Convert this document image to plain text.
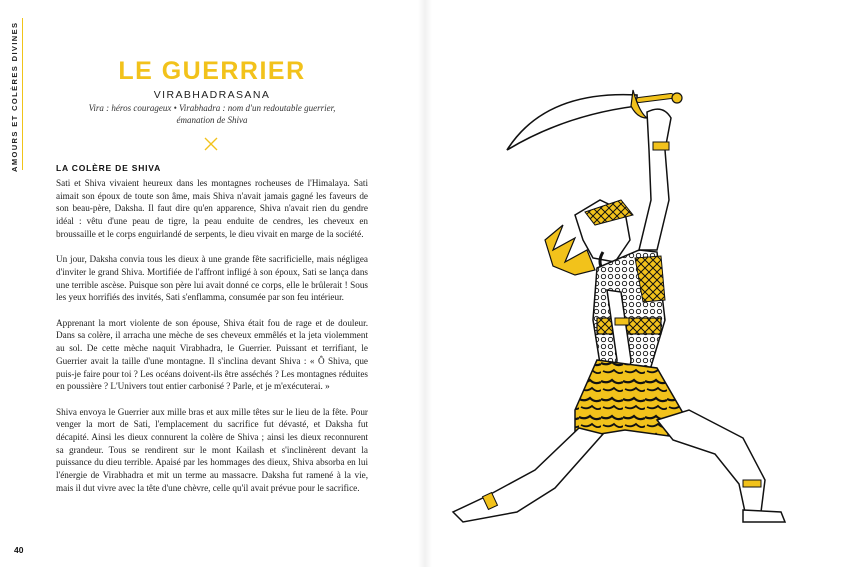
AMOURS ET COLÈRES DIVINES	LE GUERRIER
VIRABHADRASANA
Vira : héros courageux • Virabhadra : nom d'un redoutable guerrier, émanation de Shiva
LA COLÈRE DE SHIVA

Sati et Shiva vivaient heureux dans les montagnes rocheuses de l'Himalaya. Sati aimait son époux de toute son âme, mais Shiva n'avait jamais gagné les faveurs de son beau-père, Daksha. Il faut dire qu'en apparence, Shiva n'avait rien du gendre idéal : vêtu d'une peau de tigre, la peau enduite de cendres, les cheveux en broussaille et le corps enguirlandé de serpents, le dieu vivait en marge de la société.

Un jour, Daksha convia tous les dieux à une grande fête sacrificielle, mais négligea d'inviter le grand Shiva. Mortifiée de l'affront infligé à son époux, Sati se lança dans une terrible ascèse. Puisque son père lui avait donné ce corps, elle le brûlerait ! Sous les yeux horrifiés des invités, Sati s'enflamma, consumée par son feu intérieur.

Apprenant la mort violente de son épouse, Shiva était fou de rage et de douleur. Dans sa colère, il arracha une mèche de ses cheveux emmêlés et la jeta violemment au sol. De cette mèche naquit Virabhadra, le Guerrier. Puissant et terrifiant, le Guerrier avait la taille d'une montagne. Il s'inclina devant Shiva : « Ô Shiva, que puis-je faire pour toi ? Les océans doivent-ils être asséchés ? Les montagnes réduites en poussière ? L'Univers tout entier carbonisé ? Parle, et je m'exécuterai. »

Shiva envoya le Guerrier aux mille bras et aux mille têtes sur le lieu de la fête. Pour venger la mort de Sati, l'emplacement du sacrifice fut dévasté, et Daksha fut décapité. Ainsi les dieux connurent la colère de Shiva ; ainsi les dieux reconnurent sa grandeur. Tous se rendirent sur le mont Kailash et s'inclinèrent devant la puissance du dieu terrible. Apaisé par les hommages des dieux, Shiva absorba en lui l'énergie de Virabhadra et mit un terme au massacre. Daksha fut ramené à la vie, mais il dut vivre avec la tête d'une chèvre, celle qu'il avait prévue pour le sacrifice.

40
